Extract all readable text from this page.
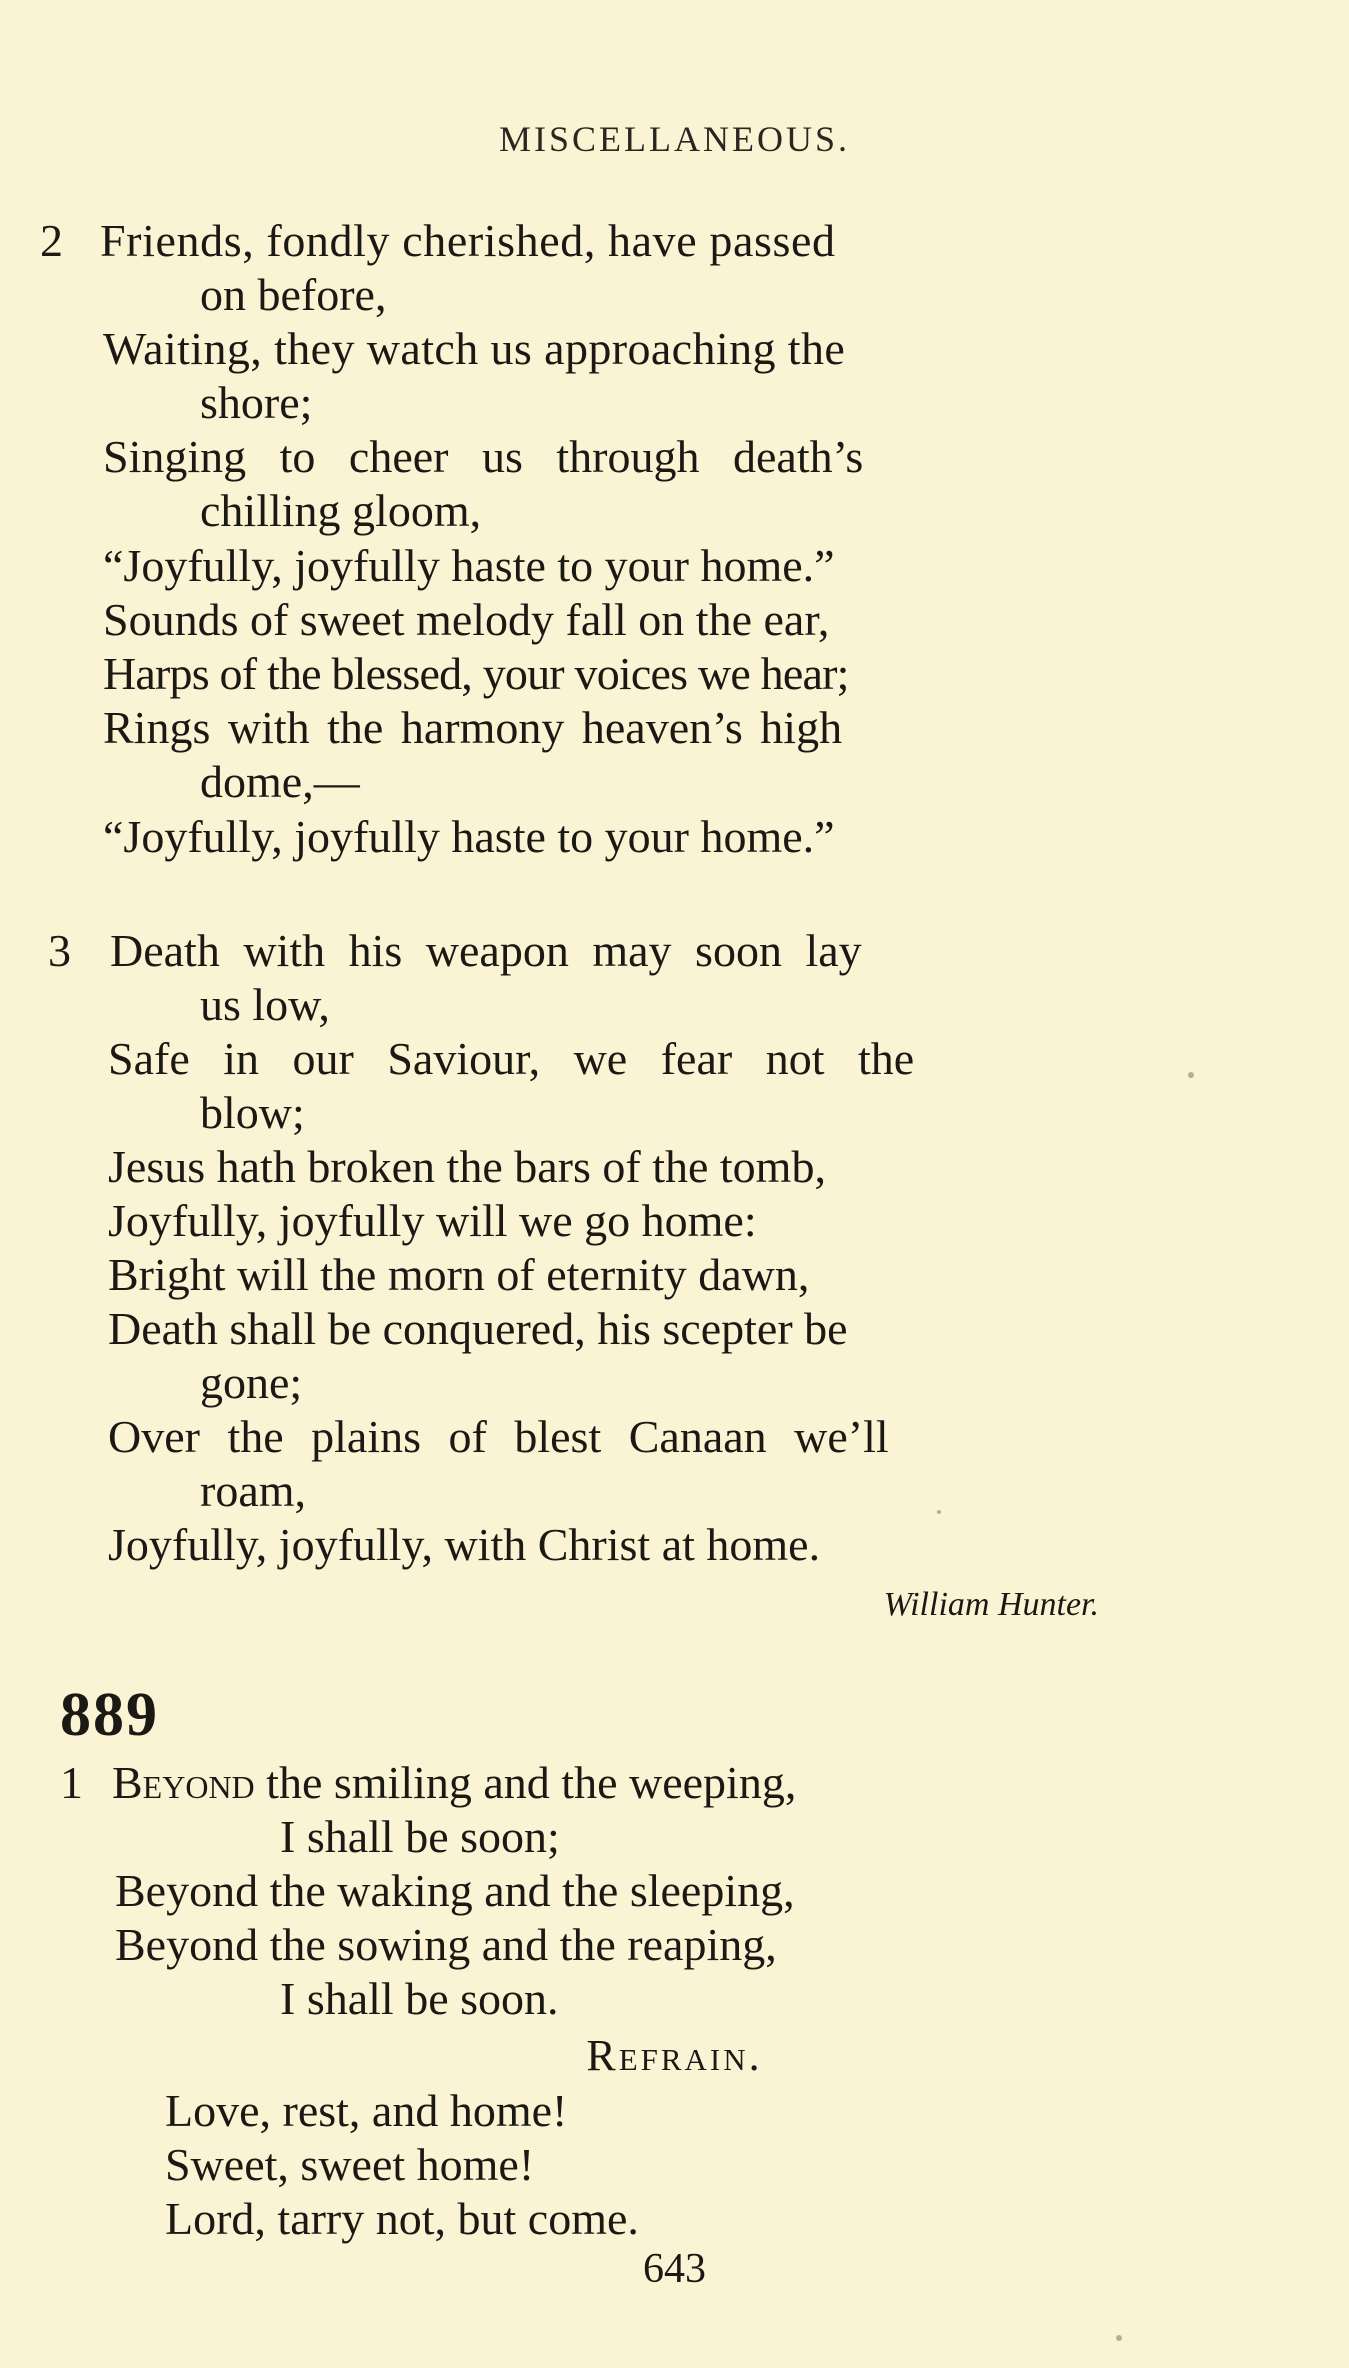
MISCELLANEOUS.
2 Friends, fondly cherished, have passed
on before,
Waiting, they watch us approaching the
shore;
Singing to cheer us through death’s
chilling gloom,
“Joyfully, joyfully haste to your home.”
Sounds of sweet melody fall on the ear,
Harps of the blessed, your voices we hear;
Rings with the harmony heaven’s high
dome,—
“Joyfully, joyfully haste to your home.”
3 Death with his weapon may soon lay
us low,
Safe in our Saviour, we fear not the
blow;
Jesus hath broken the bars of the tomb,
Joyfully, joyfully will we go home:
Bright will the morn of eternity dawn,
Death shall be conquered, his scepter be
gone;
Over the plains of blest Canaan we’ll
roam,
Joyfully, joyfully, with Christ at home.
William Hunter.
889
1 Beyond the smiling and the weeping,
I shall be soon;
Beyond the waking and the sleeping,
Beyond the sowing and the reaping,
I shall be soon.
Refrain.
Love, rest, and home!
Sweet, sweet home!
Lord, tarry not, but come.
643
